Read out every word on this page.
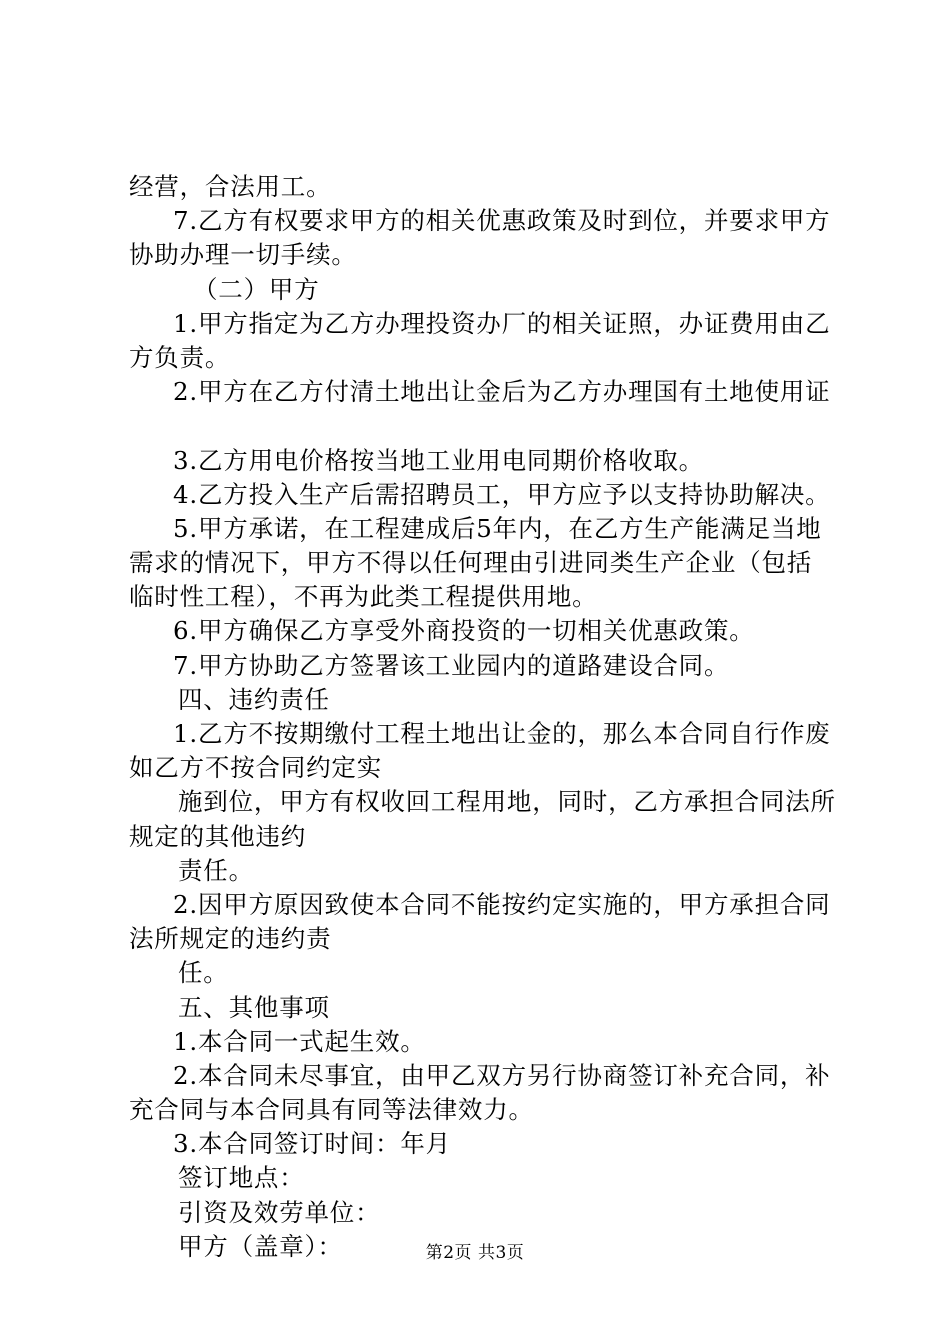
经营，合法用工。
7.乙方有权要求甲方的相关优惠政策及时到位，并要求甲方
协助办理一切手续。
（二）甲方
1.甲方指定为乙方办理投资办厂的相关证照，办证费用由乙
方负责。
2.甲方在乙方付清土地出让金后为乙方办理国有土地使用证
3.乙方用电价格按当地工业用电同期价格收取。
4.乙方投入生产后需招聘员工，甲方应予以支持协助解决。
5.甲方承诺，在工程建成后5年内，在乙方生产能满足当地
需求的情况下，甲方不得以任何理由引进同类生产企业（包括
临时性工程），不再为此类工程提供用地。
6.甲方确保乙方享受外商投资的一切相关优惠政策。
7.甲方协助乙方签署该工业园内的道路建设合同。
四、违约责任
1.乙方不按期缴付工程土地出让金的，那么本合同自行作废
如乙方不按合同约定实
施到位，甲方有权收回工程用地，同时，乙方承担合同法所
规定的其他违约
责任。
2.因甲方原因致使本合同不能按约定实施的，甲方承担合同
法所规定的违约责
任。
五、其他事项
1.本合同一式起生效。
2.本合同未尽事宜，由甲乙双方另行协商签订补充合同，补
充合同与本合同具有同等法律效力。
3.本合同签订时间：年月
签订地点：
引资及效劳单位：
甲方（盖章）：	第2页 共3页
